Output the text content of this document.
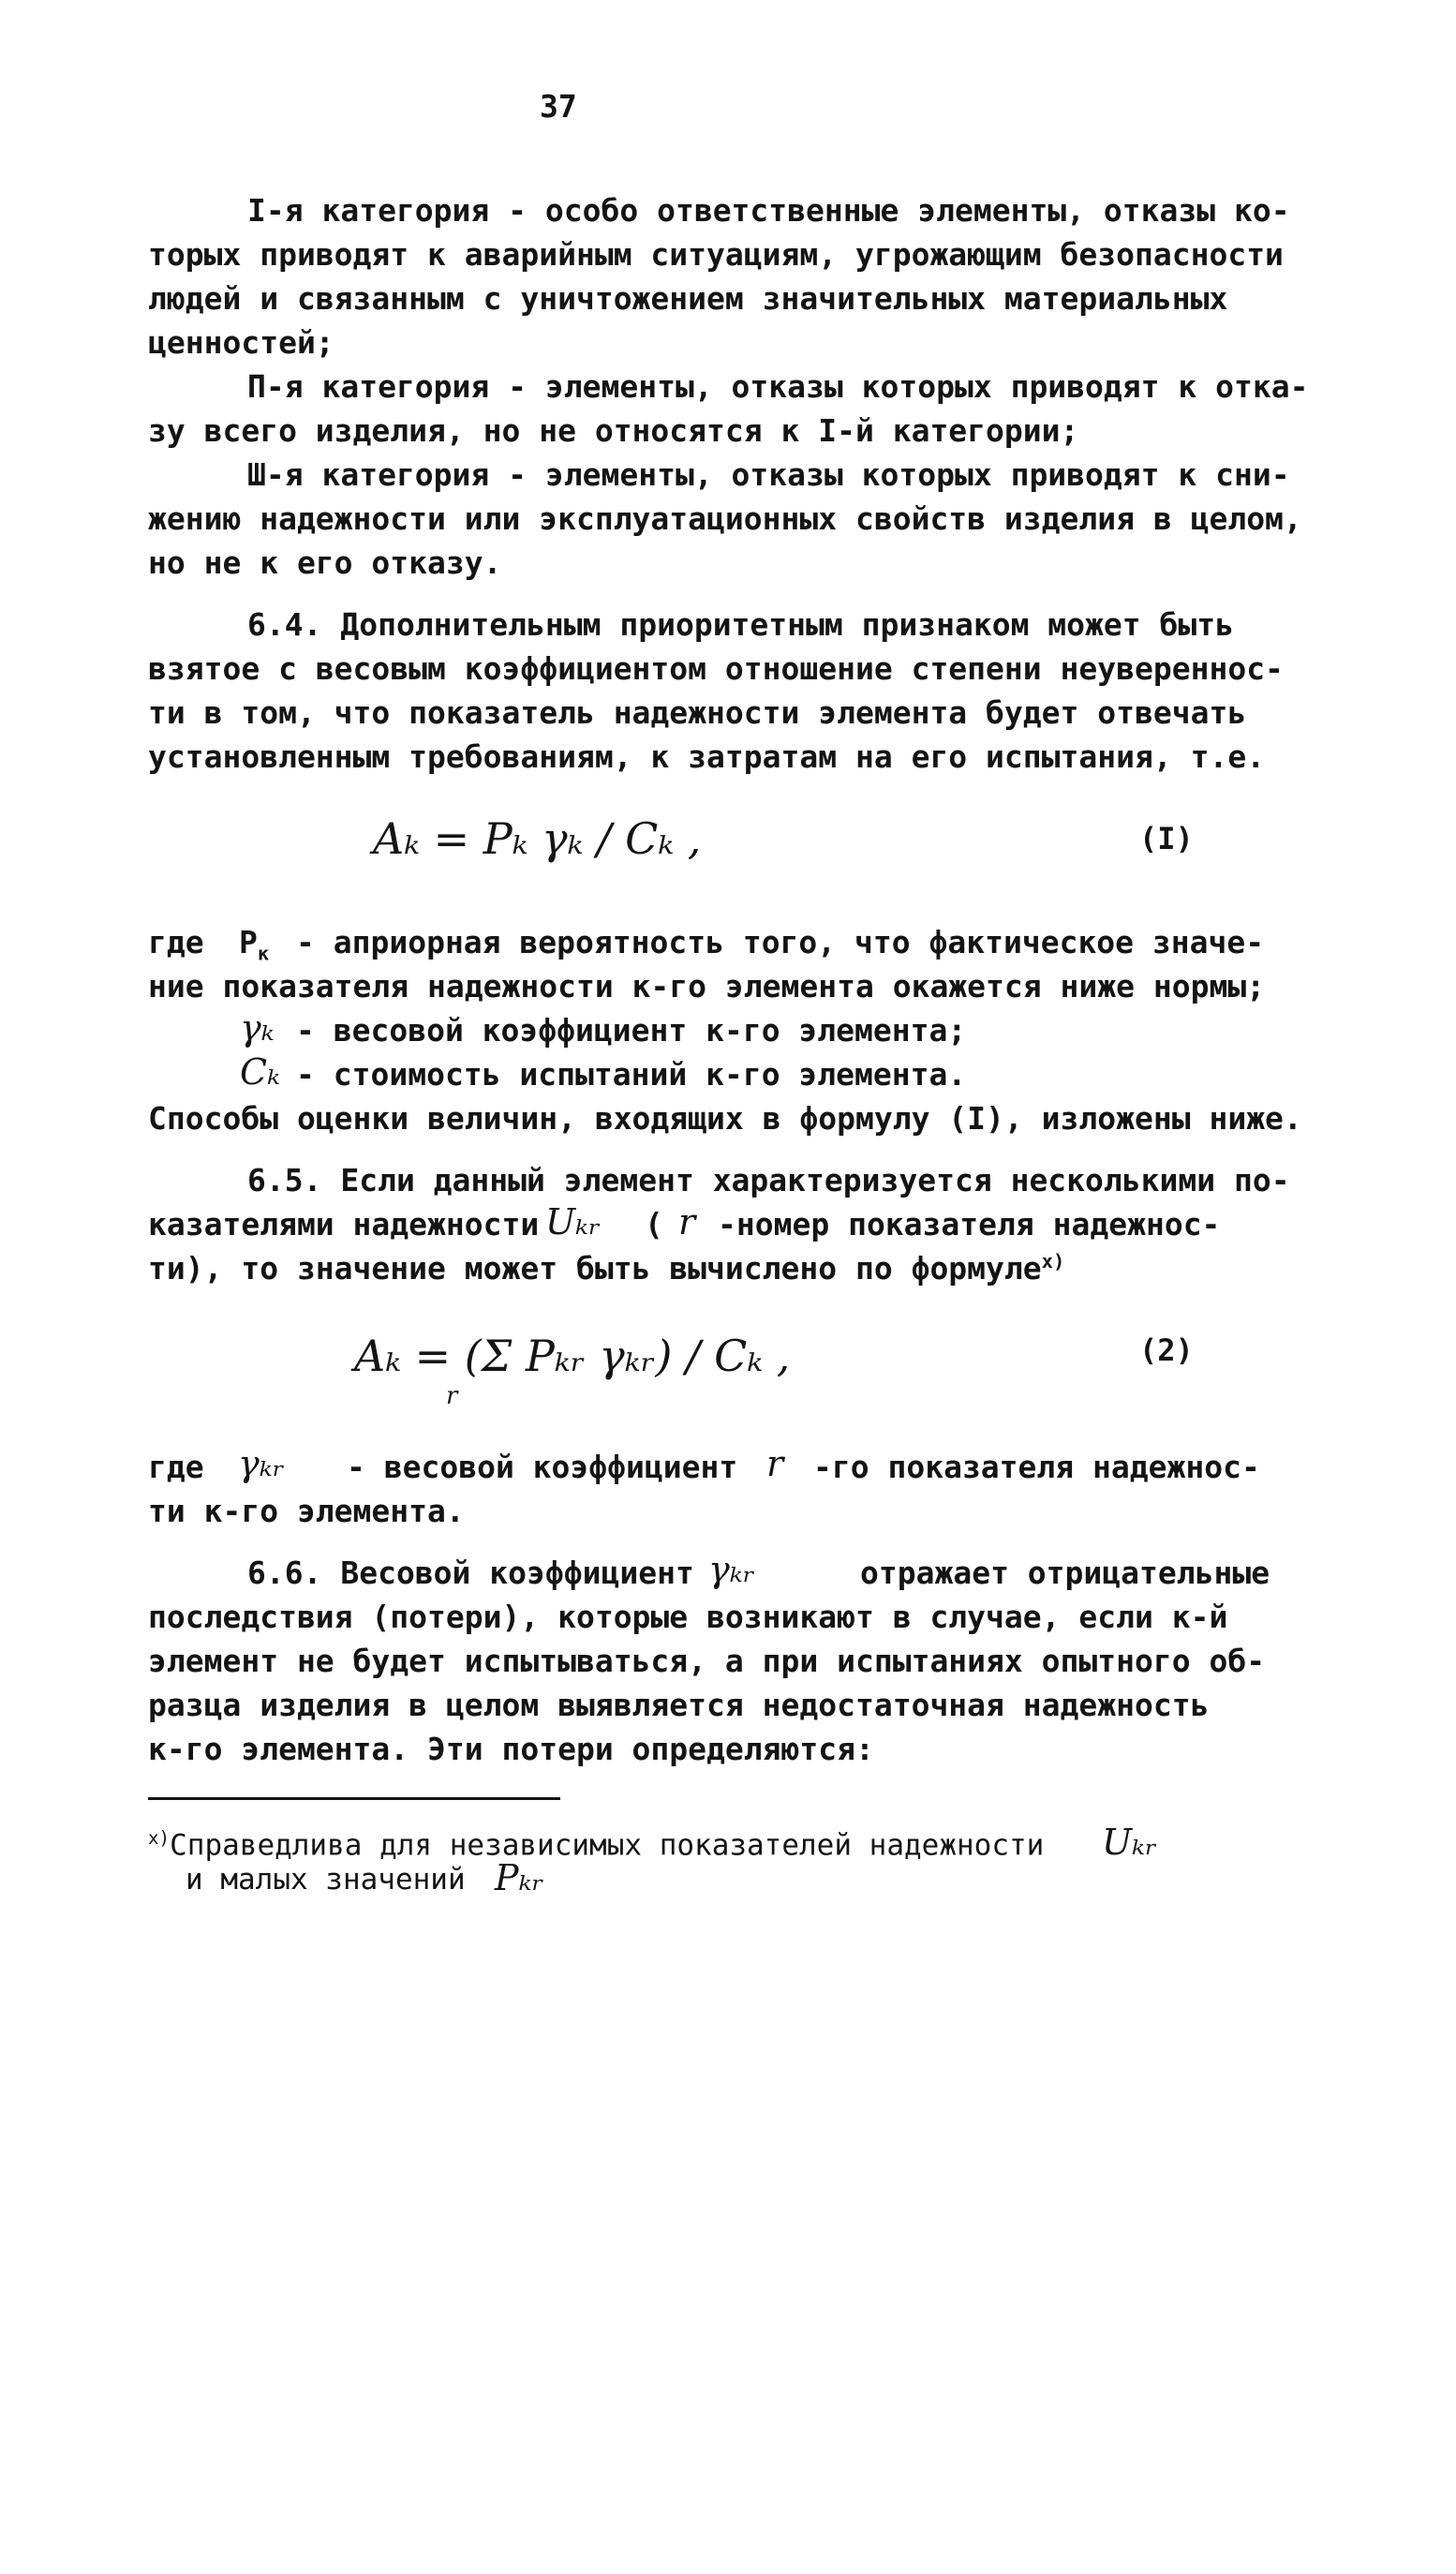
37
I-я категория - особо ответственные элементы, отказы ко-
торых приводят к аварийным ситуациям, угрожающим безопасности
людей и связанным с уничтожением значительных материальных
ценностей;
П-я категория - элементы, отказы которых приводят к отка-
зу всего изделия, но не относятся к I-й категории;
Ш-я категория - элементы, отказы которых приводят к сни-
жению надежности или эксплуатационных свойств изделия в целом,
но не к его отказу.
6.4. Дополнительным приоритетным признаком может быть
взятое с весовым коэффициентом отношение степени неувереннос-
ти в том, что показатель надежности элемента будет отвечать
установленным требованиям, к затратам на его испытания, т.е.
Aₖ = Pₖ γₖ / Cₖ ,	(I)
где $P_к$ - априорная вероятность того, что фактическое значе-
ние показателя надежности к-го элемента окажется ниже нормы;
γₖ - весовой коэффициент к-го элемента;
Cₖ - стоимость испытаний к-го элемента.
Способы оценки величин, входящих в формулу (I), изложены ниже.
6.5. Если данный элемент характеризуется несколькими по-
казателями надежности Uₖᵣ ( r -номер показателя надежнос-
ти), то значение может быть вычислено по формуле$^{x)}$
Aₖ = (Σ Pₖᵣ γₖᵣ) / Cₖ ,
r
(2)
где γₖᵣ - весовой коэффициент r -го показателя надежнос-
ти к-го элемента.
6.6. Весовой коэффициент γₖᵣ	отражает отрицательные
последствия (потери), которые возникают в случае, если к-й
элемент не будет испытываться, а при испытаниях опытного об-
разца изделия в целом выявляется недостаточная надежность
к-го элемента. Эти потери определяются:
$^{x)}$Справедлива для независимых показателей надежности Uₖᵣ
и малых значений Pₖᵣ
